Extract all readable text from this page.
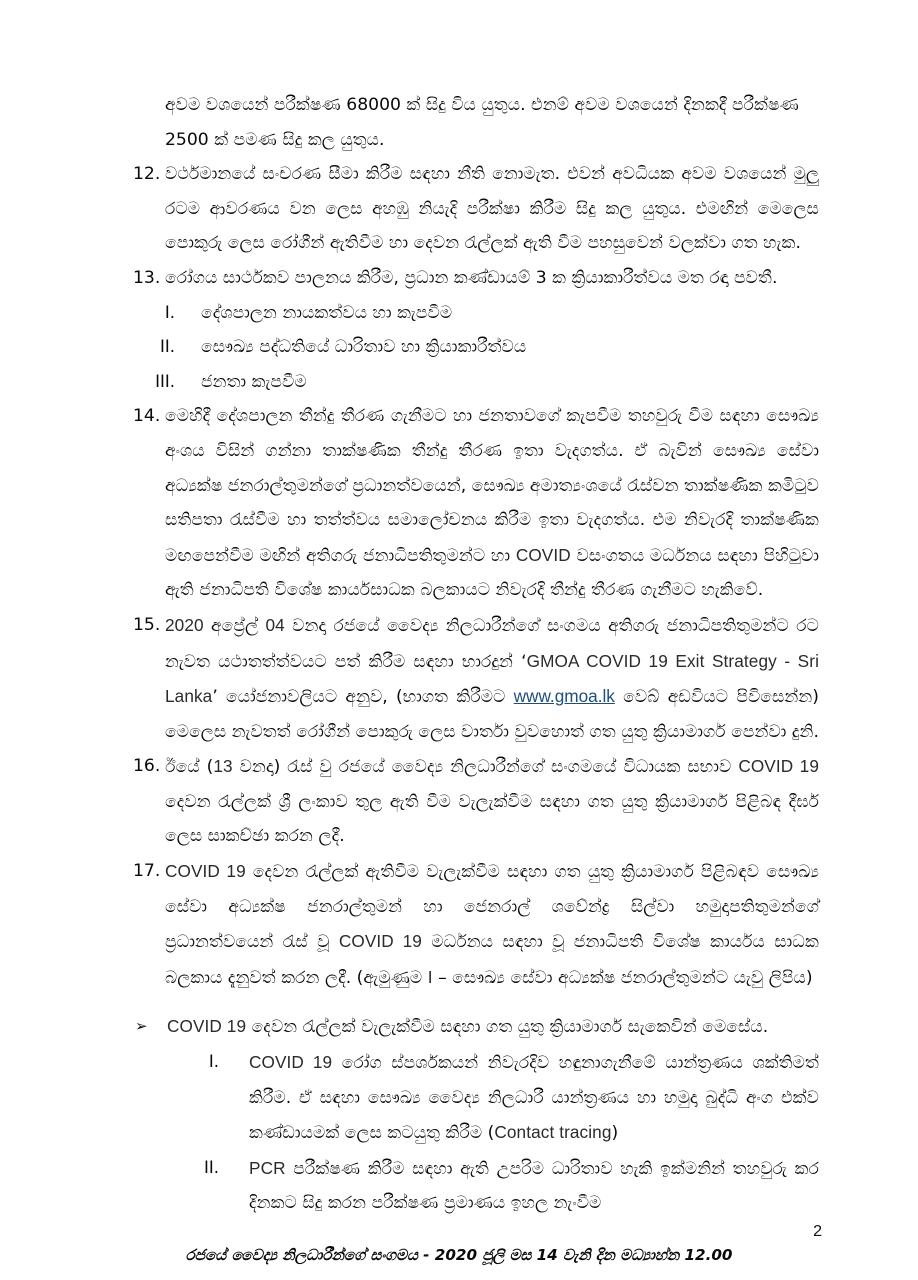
අවම වශයෙන් පරීක්ෂණ 68000 ක් සිදු විය යුතුය. එනම් අවම වශයෙන් දිනකදී පරීක්ෂණ
2500 ක් පමණ සිදු කල යුතුය.

12. වර්ථමානයේ සංචරණ සීමා කිරීම සඳහා නීති නොමැත. එවන් අවධියක අවම වශයෙන් මුලු රටම ආවරණය වන ලෙස අහඹු නියැදි පරීක්ෂා කිරීම සිදු කල යුතුය. එමඟින් මෙලෙස පොකුරු ලෙස රෝගීන් ඇතිවීම හා දෙවන රැල්ලක් ඇති වීම පහසුවෙන් වලක්වා ගත හැක.
13. රෝගය සාර්ථකව පාලනය කිරීම, ප්‍රධාන කණ්ඩායම් 3 ක ක්‍රියාකාරීත්වය මත රඳා පවතී.
I.	දේශපාලන නායකත්වය හා කැපවීම
II.	සෞඛ්‍ය පද්ධතියේ ධාරිතාව හා ක්‍රියාකාරීත්වය
III.	ජනතා කැපවීම
14. මෙහිදී දේශපාලන තීන්දු තීරණ ගැනීමට හා ජනතාවගේ කැපවීම තහවුරු වීම සඳහා සෞඛ්‍ය අංශය විසින් ගන්නා තාක්ෂණික තීන්දු තීරණ ඉතා වැදගත්ය. ඒ බැවින් සෞඛ්‍ය සේවා අධ්‍යක්ෂ ජනරාල්තුමන්ගේ ප්‍රධානත්වයෙන්, සෞඛ්‍ය අමාත්‍යංශයේ රැස්වන තාක්ෂණික කමිටුව සතිපතා රැස්වීම හා තත්ත්වය සමාලෝචනය කිරීම ඉතා වැදගත්ය. එම නිවැරදි තාක්ෂණික මඟපෙන්වීම මඟින් අතිගරු ජනාධිපතිතුමන්ට හා COVID වසංගතය මර්ධනය සඳහා පිහිටුවා ඇති ජනාධිපති විශේෂ කාර්යසාධක බලකායට නිවැරදි තීන්දු තීරණ ගැනීමට හැකිවේ.
15. 2020 අප්‍රේල් 04 වනදා රජයේ වෛද්‍ය නිලධාරීන්ගේ සංගමය අතිගරු ජනාධිපතිතුමන්ට රට නැවත යථාතත්ත්වයට පත් කිරීම සඳහා භාරදුන් ‘GMOA COVID 19 Exit Strategy - Sri Lanka’ යෝජනාවලියට අනුව, (භාගත කිරීමට www.gmoa.lk වෙබ් අඩවියට පිවිසෙන්න) මෙලෙස නැවතත් රෝගීන් පොකුරු ලෙස වාර්තා වුවහොත් ගත යුතු ක්‍රියාමාර්ග පෙන්වා දුනි.
16. ඊයේ (13 වනදා) රැස් වු රජයේ වෛද්‍ය නිලධාරීන්ගේ සංගමයේ විධායක සභාව COVID 19 දෙවන රැල්ලක් ශ්‍රී ලංකාව තුල ඇති වීම වැලැක්වීම සඳහා ගත යුතු ක්‍රියාමාර්ග පිළිබඳ දීර්ඝ ලෙස සාකච්ඡා කරන ලදී.
17. COVID 19 දෙවන රැල්ලක් ඇතිවීම වැලැක්වීම සඳහා ගත යුතු ක්‍රියාමාර්ග පිළිබඳව සෞඛ්‍ය සේවා අධ්‍යක්ෂ ජනරාල්තුමන් හා ජෙනරාල් ශවේන්ද්‍ර සිල්වා හමුදාපතිතුමන්ගේ ප්‍රධානත්වයෙන් රැස් වූ COVID 19 මර්ධනය සඳහා වූ ජනාධිපති විශේෂ කාර්යය සාධක බලකාය දැනුවත් කරන ලදී. (ඇමුණුම I – සෞඛ්‍ය සේවා අධ්‍යක්ෂ ජනරාල්තුමන්ට යැවු ලිපිය)
➢	COVID 19 දෙවන රැල්ලක් වැලැක්වීම සඳහා ගත යුතු ක්‍රියාමාර්ග සැකෙවින් මෙසේය.
I.	COVID 19 රෝග ස්පර්ශකයන් නිවැරදිව හඳුනාගැනීමේ යාන්ත්‍රණය ශක්තිමත් කිරීම. ඒ සඳහා සෞඛ්‍ය වෛද්‍ය නිලධාරී යාන්ත්‍රණය හා හමුදා බුද්ධි අංග එක්ව කණ්ඩායමක් ලෙස කටයුතු කිරීම (Contact tracing)
II.	PCR පරීක්ෂණ කිරීම සඳහා ඇති උපරිම ධාරිතාව හැකි ඉක්මනින් තහවුරු කර දිනකට සිදු කරන පරීක්ෂණ ප්‍රමාණය ඉහල නැංවීම
2
රජයේ වෛද්‍ය නිලධාරීන්ගේ සංගමය - 2020 ජූලි මස 14 වැනි දින මධ්‍යාහ්න 12.00
